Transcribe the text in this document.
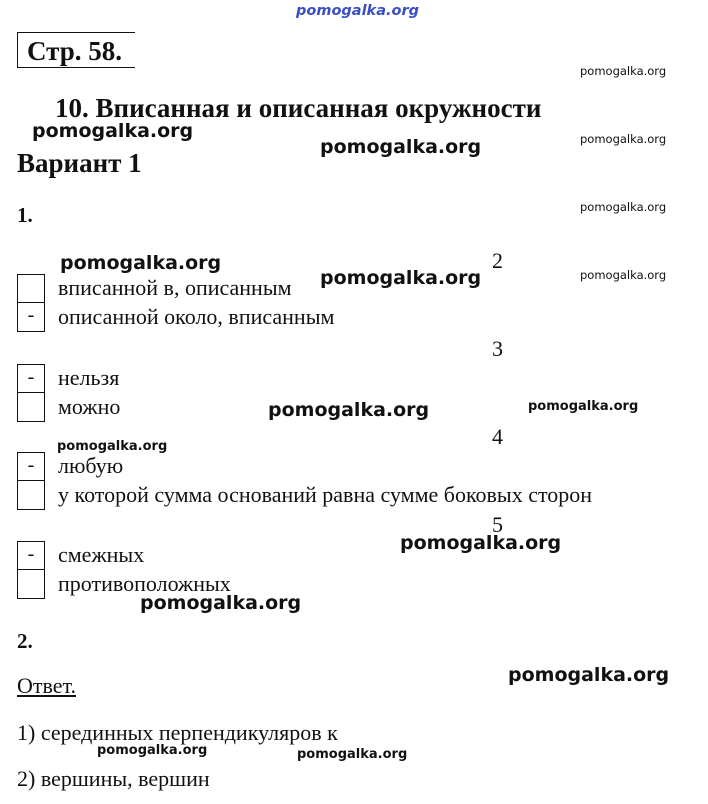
pomogalka.org
pomogalka.org
pomogalka.org	pomogalka.org
pomogalka.org
pomogalka.org
pomogalka.org
pomogalka.org
pomogalka.org
pomogalka.org	pomogalka.org
pomogalka.org
pomogalka.org
pomogalka.org
pomogalka.org
pomogalka.org	pomogalka.org
Стр. 58.
10. Вписанная и описанная окружности
Вариант 1
1.
2
вписанной в, описанным
-	описанной около, вписанным
3
-	нельзя
можно
4
-	любую
у которой сумма оснований равна сумме боковых сторон
5
-	смежных
противоположных
2.
Ответ.
1) серединных перпендикуляров к
2) вершины, вершин
